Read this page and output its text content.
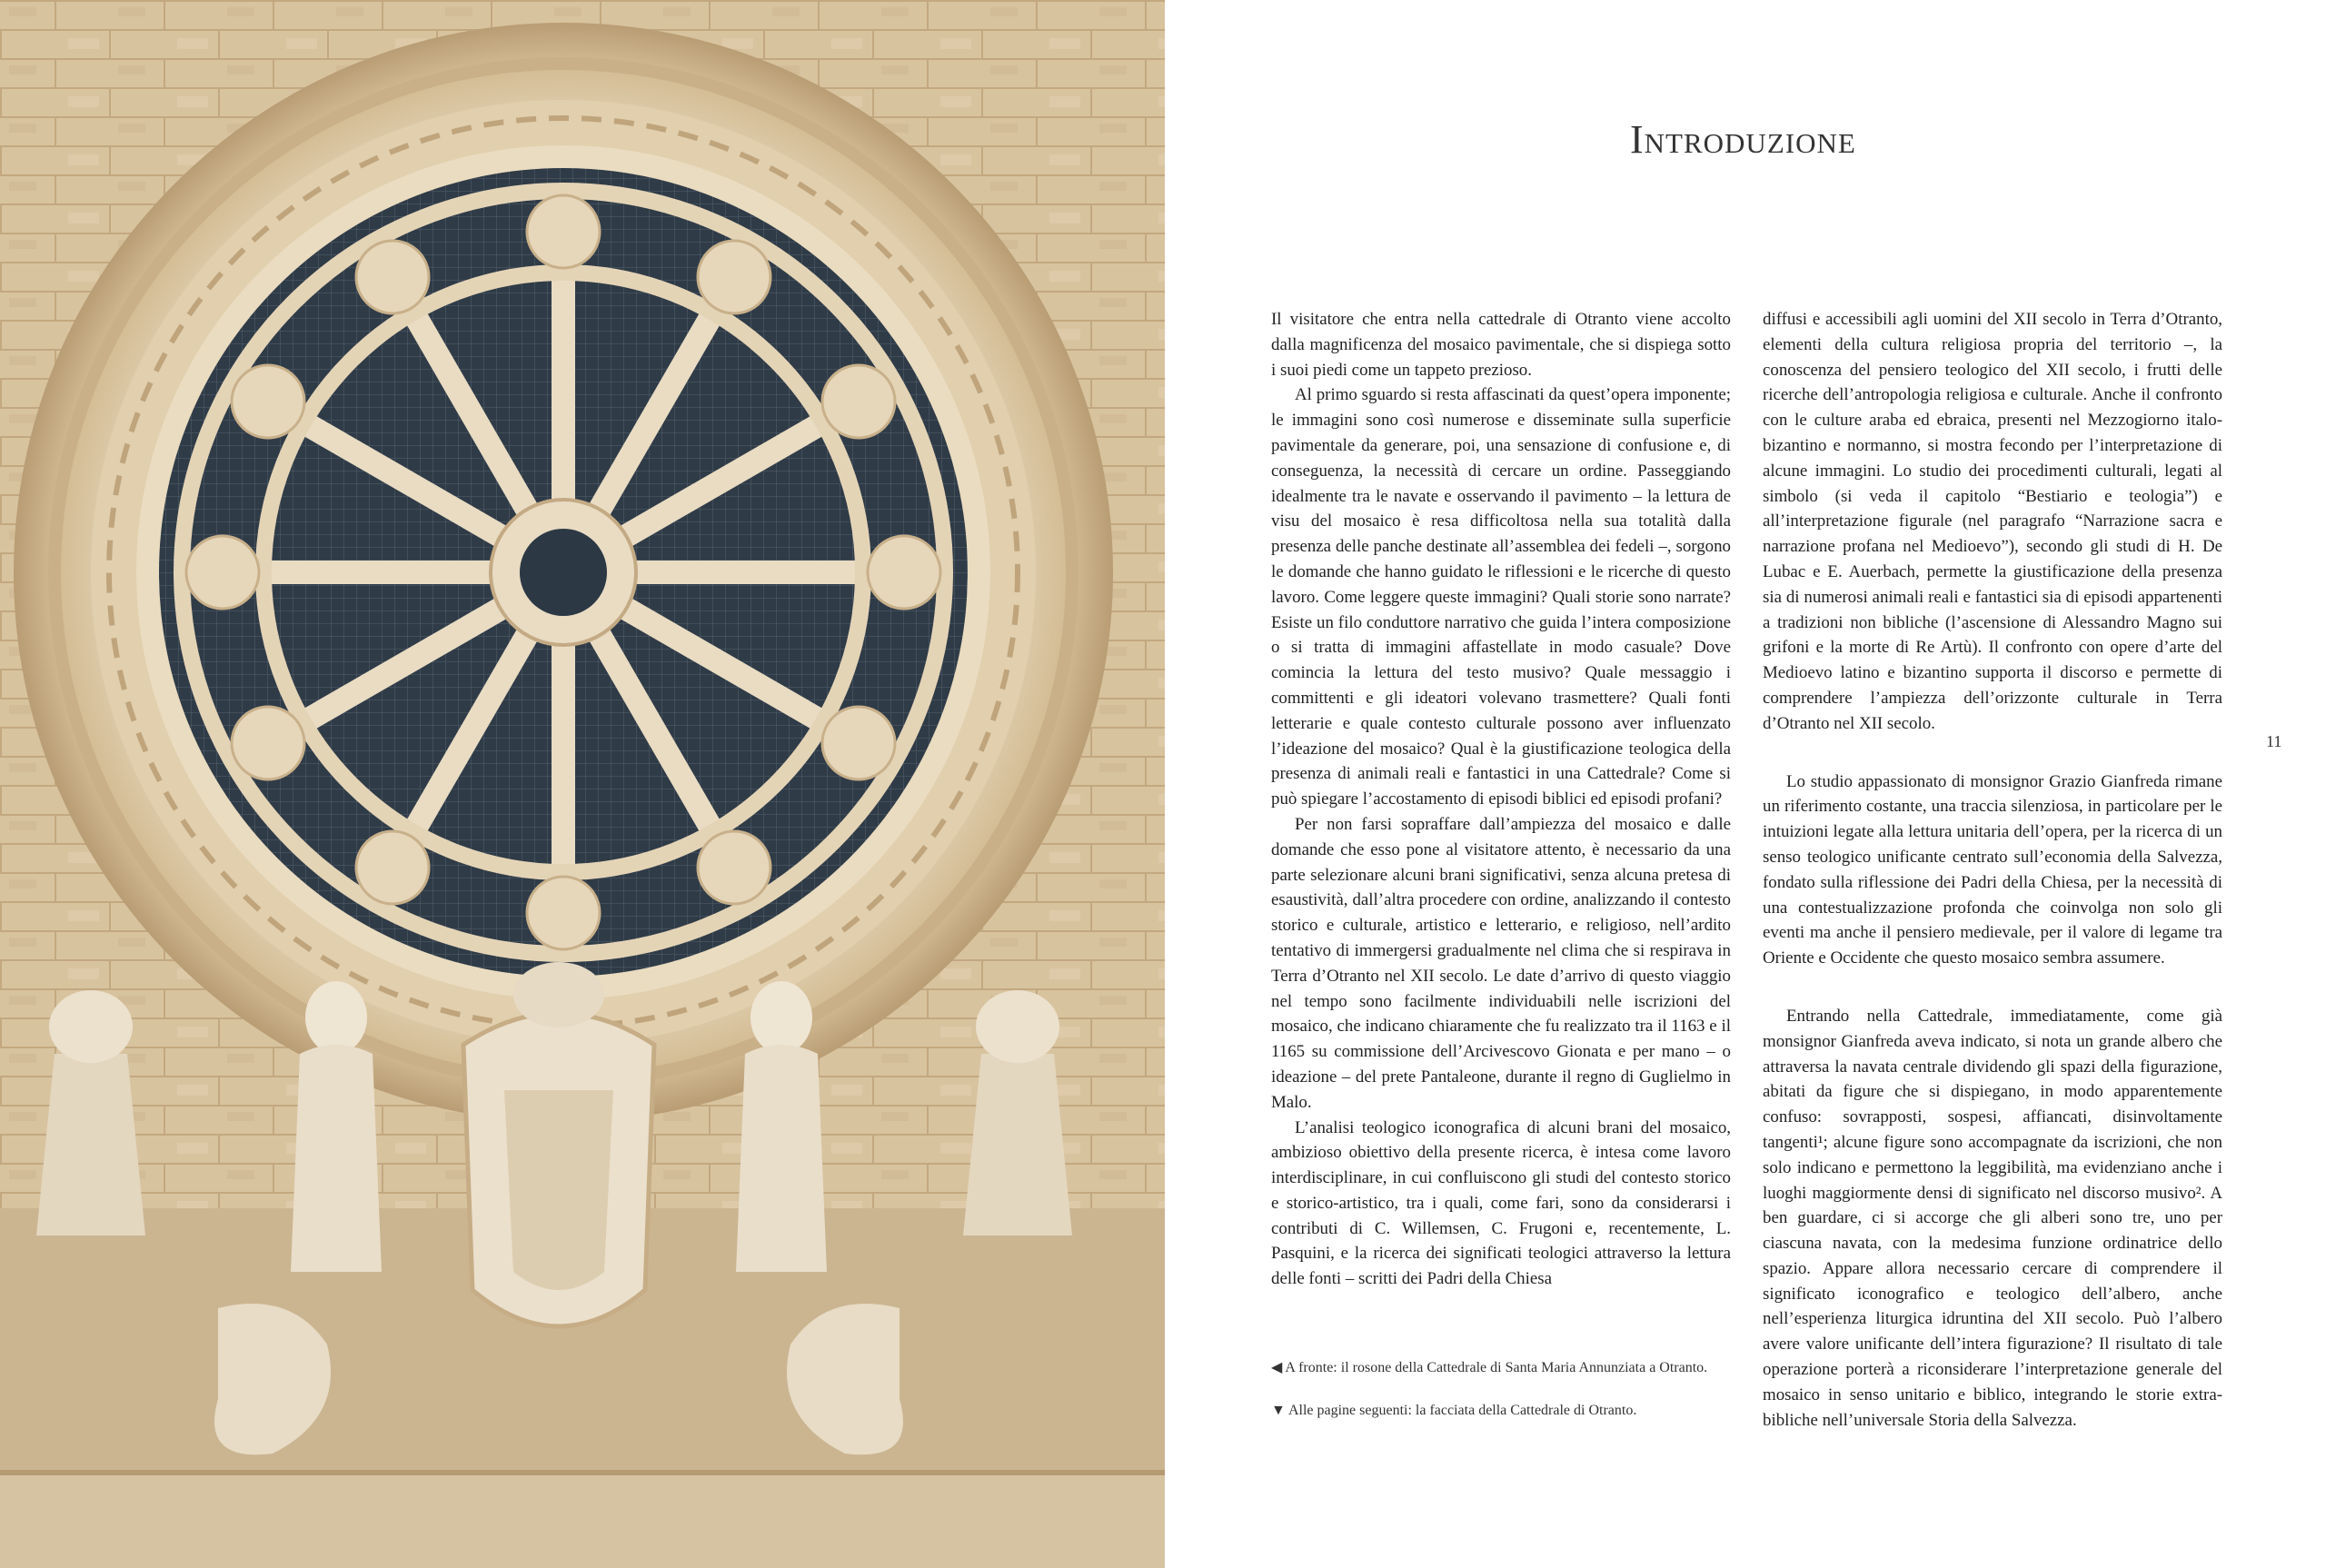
Introduzione

Il visitatore che entra nella cattedrale di Otranto viene accolto dalla magnificenza del mosaico pavimentale, che si dispiega sotto i suoi piedi come un tappeto prezioso.

Al primo sguardo si resta affascinati da quest’opera imponente; le immagini sono così numerose e disseminate sulla superficie pavimentale da generare, poi, una sensazione di confusione e, di conseguenza, la necessità di cercare un ordine. Passeggiando idealmente tra le navate e osservando il pavimento – la lettura de visu del mosaico è resa difficoltosa nella sua totalità dalla presenza delle panche destinate all’assemblea dei fedeli –, sorgono le domande che hanno guidato le riflessioni e le ricerche di questo lavoro. Come leggere queste immagini? Quali storie sono narrate? Esiste un filo conduttore narrativo che guida l’intera composizione o si tratta di immagini affastellate in modo casuale? Dove comincia la lettura del testo musivo? Quale messaggio i committenti e gli ideatori volevano trasmettere? Quali fonti letterarie e quale contesto culturale possono aver influenzato l’ideazione del mosaico? Qual è la giustificazione teologica della presenza di animali reali e fantastici in una Cattedrale? Come si può spiegare l’accostamento di episodi biblici ed episodi profani?

Per non farsi sopraffare dall’ampiezza del mosaico e dalle domande che esso pone al visitatore attento, è necessario da una parte selezionare alcuni brani significativi, senza alcuna pretesa di esaustività, dall’altra procedere con ordine, analizzando il contesto storico e culturale, artistico e letterario, e religioso, nell’ardito tentativo di immergersi gradualmente nel clima che si respirava in Terra d’Otranto nel XII secolo. Le date d’arrivo di questo viaggio nel tempo sono facilmente individuabili nelle iscrizioni del mosaico, che indicano chiaramente che fu realizzato tra il 1163 e il 1165 su commissione dell’Arcivescovo Gionata e per mano – o ideazione – del prete Pantaleone, durante il regno di Guglielmo in Malo.

L’analisi teologico iconografica di alcuni brani del mosaico, ambizioso obiettivo della presente ricerca, è intesa come lavoro interdisciplinare, in cui confluiscono gli studi del contesto storico e storico-artistico, tra i quali, come fari, sono da considerarsi i contributi di C. Willemsen, C. Frugoni e, recentemente, L. Pasquini, e la ricerca dei significati teologici attraverso la lettura delle fonti – scritti dei Padri della Chiesa

diffusi e accessibili agli uomini del XII secolo in Terra d’Otranto, elementi della cultura religiosa propria del territorio –, la conoscenza del pensiero teologico del XII secolo, i frutti delle ricerche dell’antropologia religiosa e culturale. Anche il confronto con le culture araba ed ebraica, presenti nel Mezzogiorno italo-bizantino e normanno, si mostra fecondo per l’interpretazione di alcune immagini. Lo studio dei procedimenti culturali, legati al simbolo (si veda il capitolo “Bestiario e teologia”) e all’interpretazione figurale (nel paragrafo “Narrazione sacra e narrazione profana nel Medioevo”), secondo gli studi di H. De Lubac e E. Auerbach, permette la giustificazione della presenza sia di numerosi animali reali e fantastici sia di episodi appartenenti a tradizioni non bibliche (l’ascensione di Alessandro Magno sui grifoni e la morte di Re Artù). Il confronto con opere d’arte del Medioevo latino e bizantino supporta il discorso e permette di comprendere l’ampiezza dell’orizzonte culturale in Terra d’Otranto nel XII secolo.

Lo studio appassionato di monsignor Grazio Gianfreda rimane un riferimento costante, una traccia silenziosa, in particolare per le intuizioni legate alla lettura unitaria dell’opera, per la ricerca di un senso teologico unificante centrato sull’economia della Salvezza, fondato sulla riflessione dei Padri della Chiesa, per la necessità di una contestualizzazione profonda che coinvolga non solo gli eventi ma anche il pensiero medievale, per il valore di legame tra Oriente e Occidente che questo mosaico sembra assumere.

Entrando nella Cattedrale, immediatamente, come già monsignor Gianfreda aveva indicato, si nota un grande albero che attraversa la navata centrale dividendo gli spazi della figurazione, abitati da figure che si dispiegano, in modo apparentemente confuso: sovrapposti, sospesi, affiancati, disinvoltamente tangenti¹; alcune figure sono accompagnate da iscrizioni, che non solo indicano e permettono la leggibilità, ma evidenziano anche i luoghi maggiormente densi di significato nel discorso musivo². A ben guardare, ci si accorge che gli alberi sono tre, uno per ciascuna navata, con la medesima funzione ordinatrice dello spazio. Appare allora necessario cercare di comprendere il significato iconografico e teologico dell’albero, anche nell’esperienza liturgica idruntina del XII secolo. Può l’albero avere valore unificante dell’intera figurazione? Il risultato di tale operazione porterà a riconsiderare l’interpretazione generale del mosaico in senso unitario e biblico, integrando le storie extra-bibliche nell’universale Storia della Salvezza.

◀ A fronte: il rosone della Cattedrale di Santa Maria Annunziata a Otranto.

▼ Alle pagine seguenti: la facciata della Cattedrale di Otranto.

11
